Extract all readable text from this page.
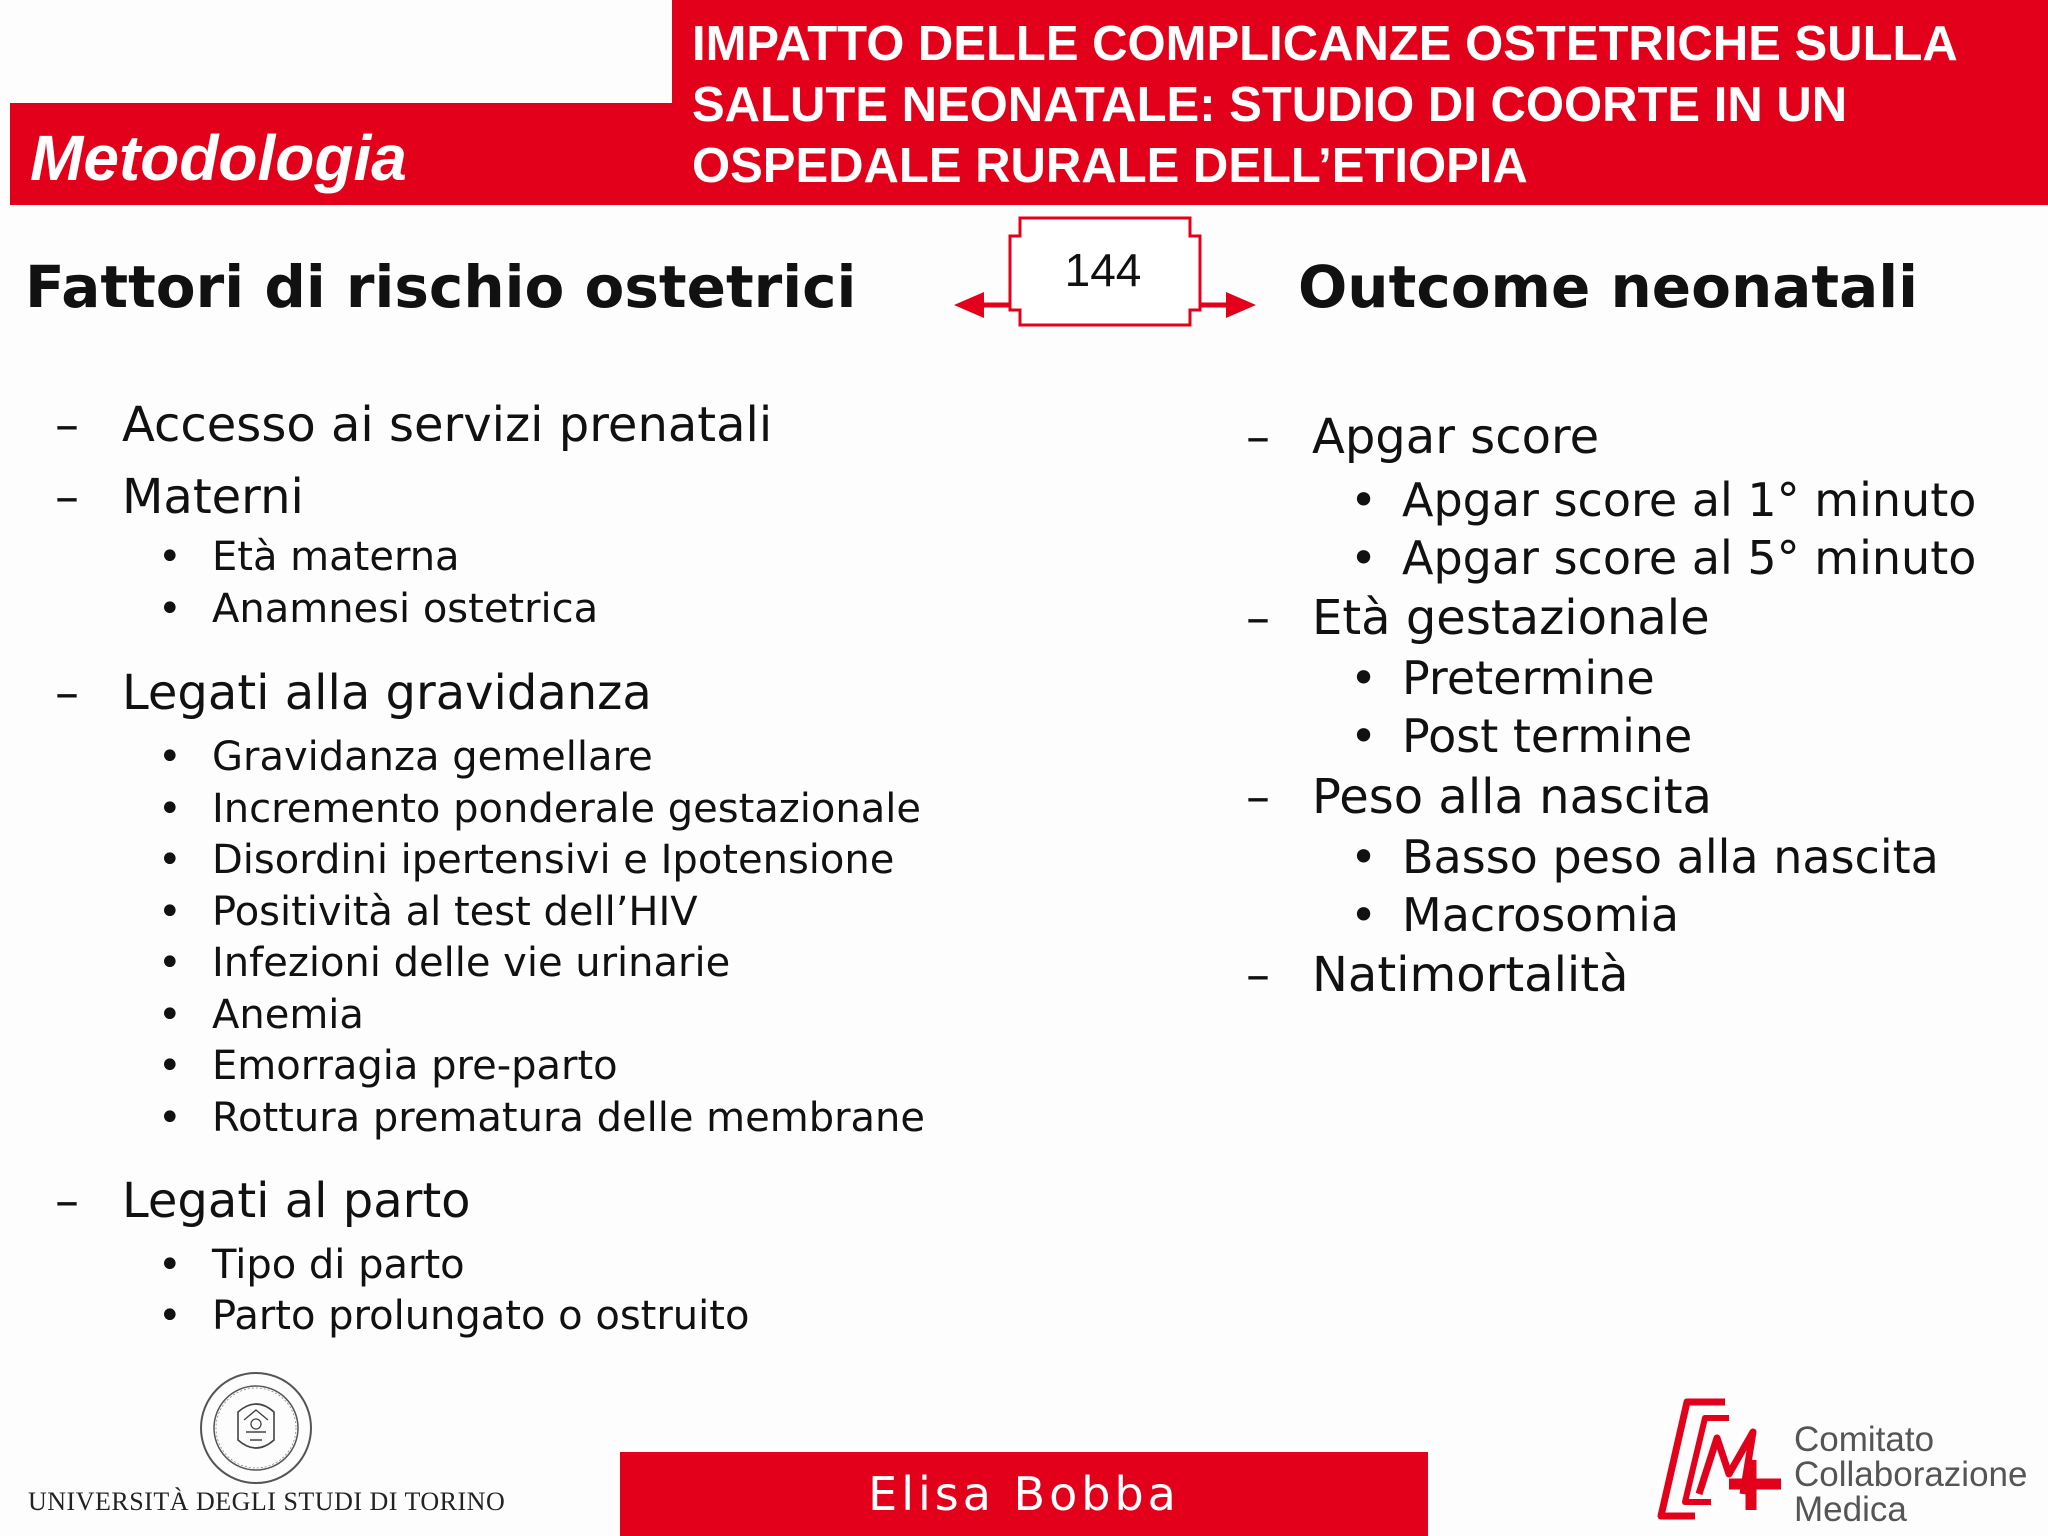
Metodologia
IMPATTO DELLE COMPLICANZE OSTETRICHE SULLA
SALUTE NEONATALE: STUDIO DI COORTE IN UN
OSPEDALE RURALE DELL’ETIOPIA
Fattori di rischio ostetrici	Outcome neonatali
144
– Accesso ai servizi prenatali
– Materni
• Età materna
• Anamnesi ostetrica
– Legati alla gravidanza
• Gravidanza gemellare
• Incremento ponderale gestazionale
• Disordini ipertensivi e Ipotensione
• Positività al test dell’HIV
• Infezioni delle vie urinarie
• Anemia
• Emorragia pre-parto
• Rottura prematura delle membrane
– Legati al parto
• Tipo di parto
• Parto prolungato o ostruito
– Apgar score
• Apgar score al 1° minuto
• Apgar score al 5° minuto
– Età gestazionale
• Pretermine
• Post termine
– Peso alla nascita
• Basso peso alla nascita
• Macrosomia
– Natimortalità
UNIVERSITÀ DEGLI STUDI DI TORINO	Elisa Bobba
Comitato
Collaborazione
Medica
